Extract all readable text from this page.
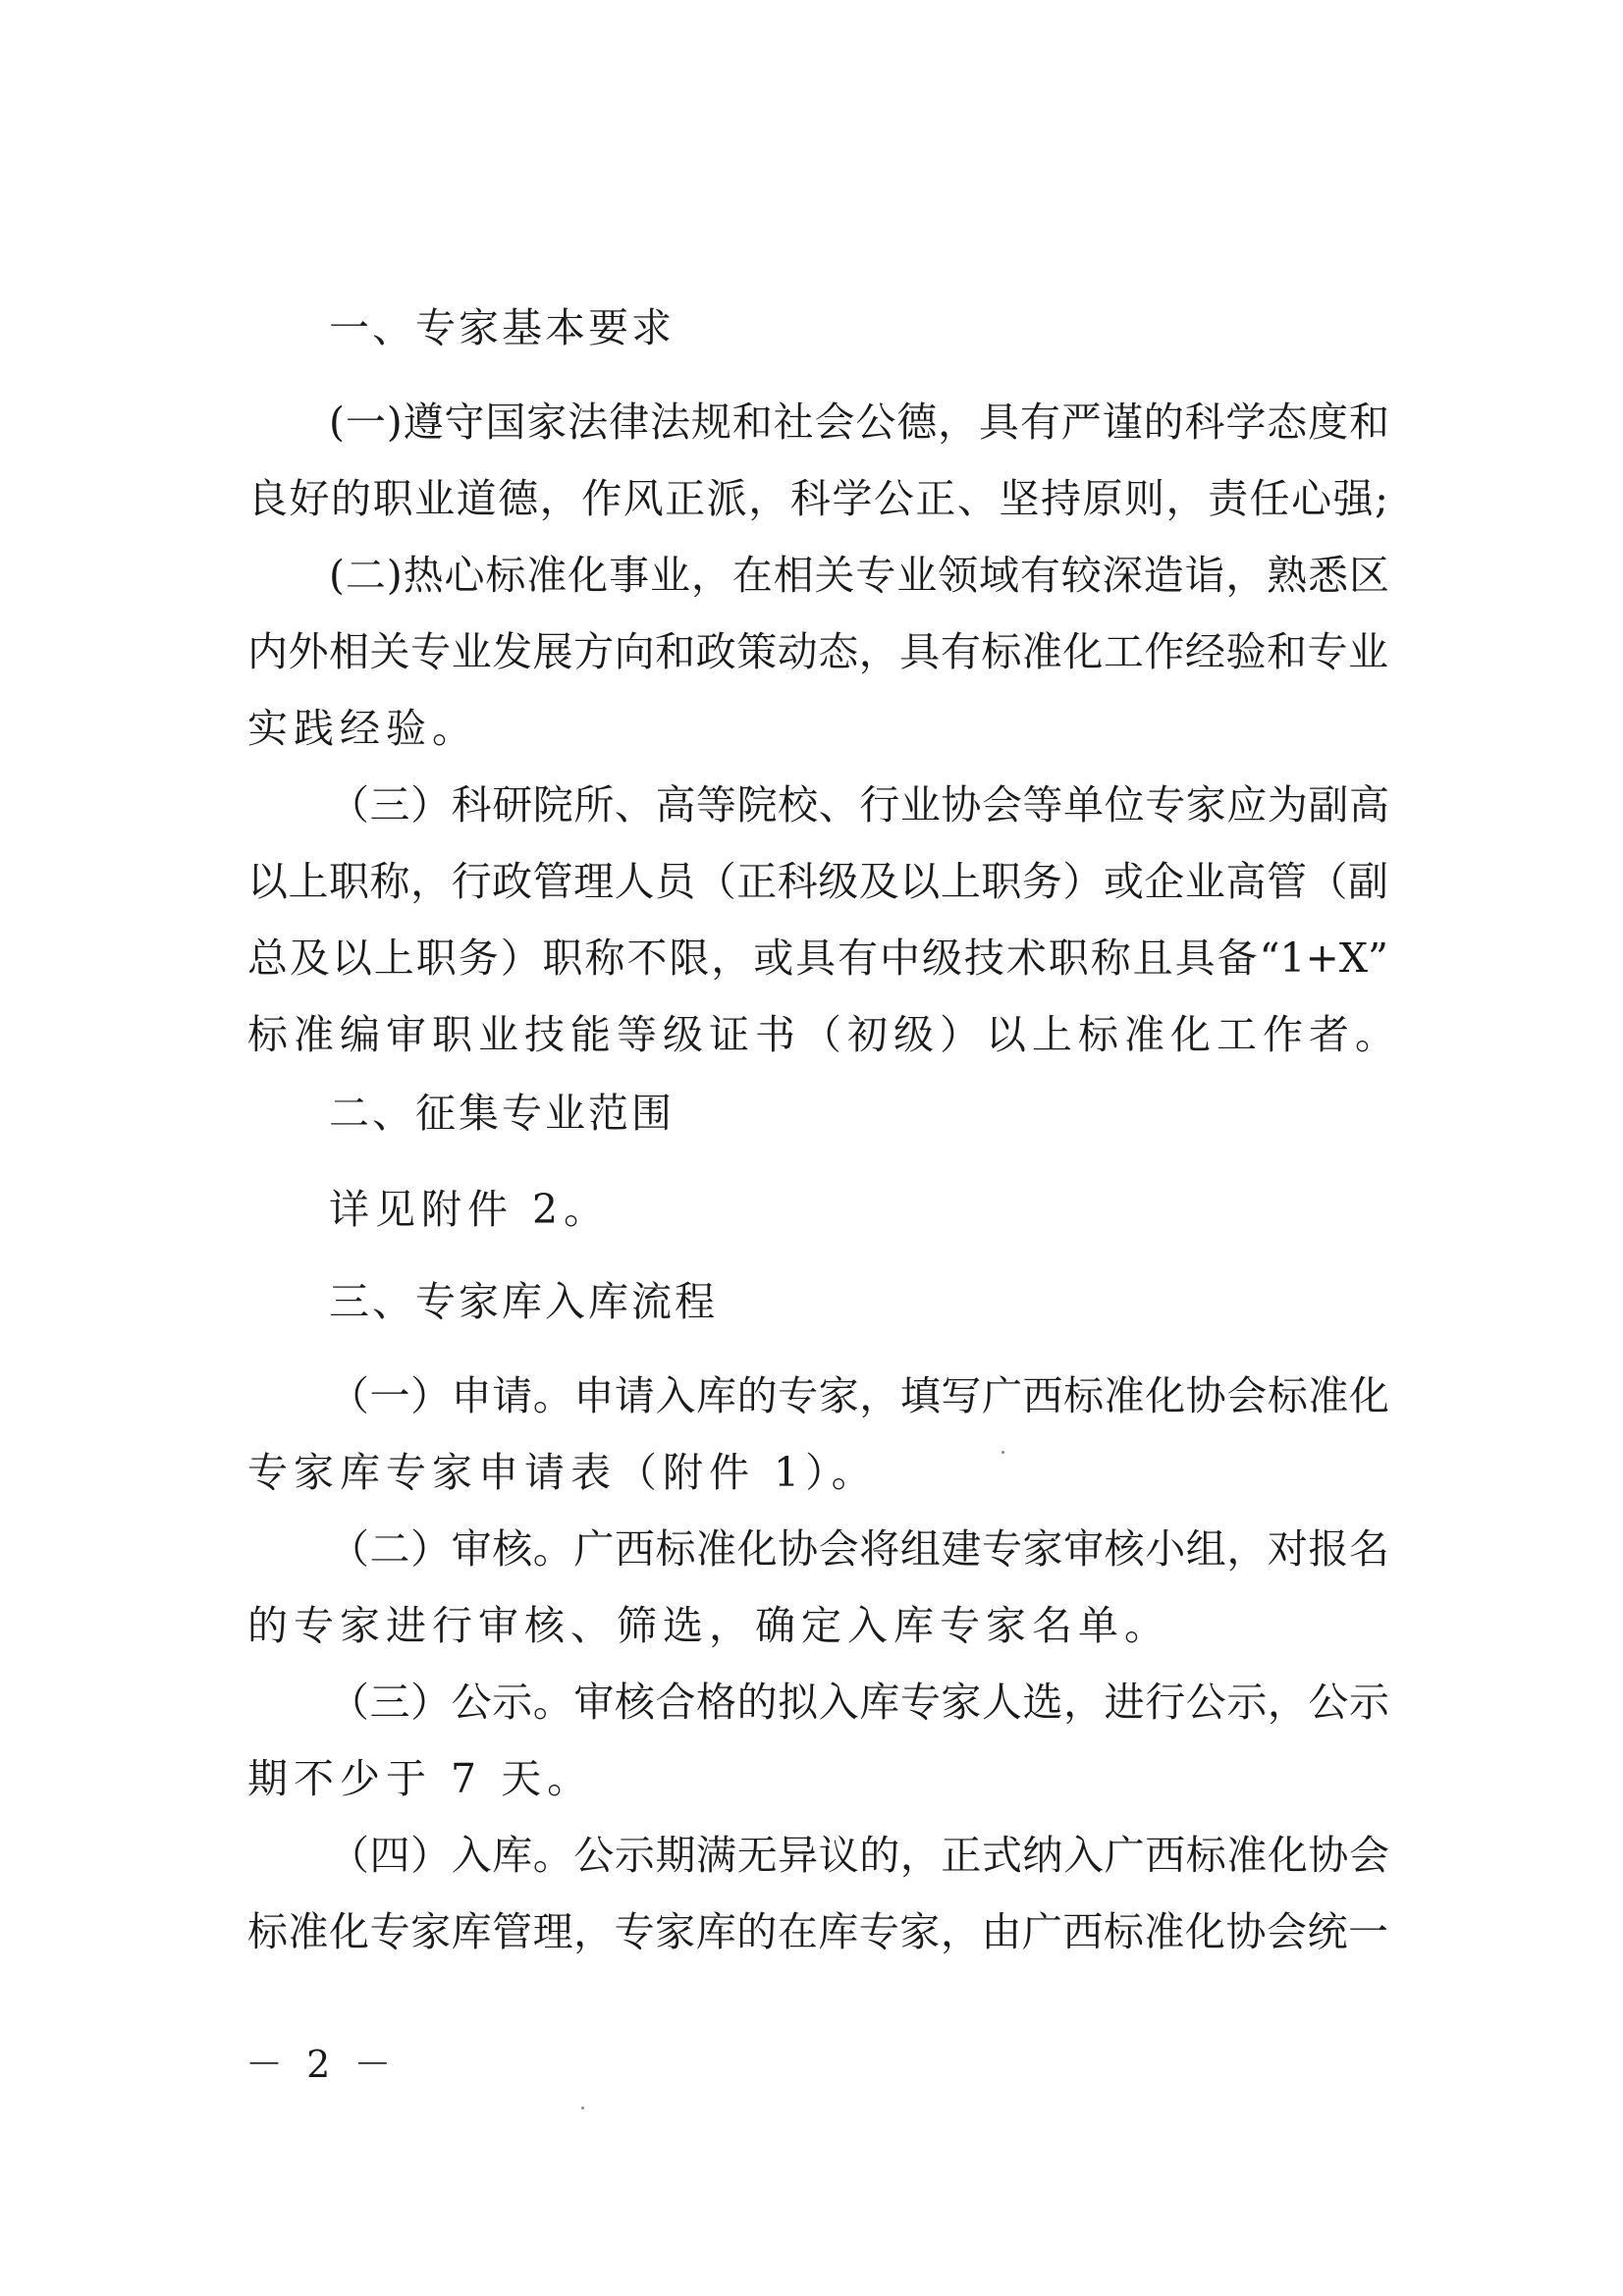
一、专家基本要求
(一)遵守国家法律法规和社会公德，具有严谨的科学态度和
良好的职业道德，作风正派，科学公正、坚持原则，责任心强;
(二)热心标准化事业，在相关专业领域有较深造诣，熟悉区
内外相关专业发展方向和政策动态，具有标准化工作经验和专业
实践经验。
（三）科研院所、高等院校、行业协会等单位专家应为副高
以上职称，行政管理人员（正科级及以上职务）或企业高管（副
总及以上职务）职称不限，或具有中级技术职称且具备“1+X”
标准编审职业技能等级证书（初级）以上标准化工作者。
二、征集专业范围
详见附件 2。
三、专家库入库流程
（一）申请。申请入库的专家，填写广西标准化协会标准化
专家库专家申请表（附件 1）。
（二）审核。广西标准化协会将组建专家审核小组，对报名
的专家进行审核、筛选，确定入库专家名单。
（三）公示。审核合格的拟入库专家人选，进行公示，公示
期不少于 7 天。
（四）入库。公示期满无异议的，正式纳入广西标准化协会
标准化专家库管理，专家库的在库专家，由广西标准化协会统一
－ 2 －
